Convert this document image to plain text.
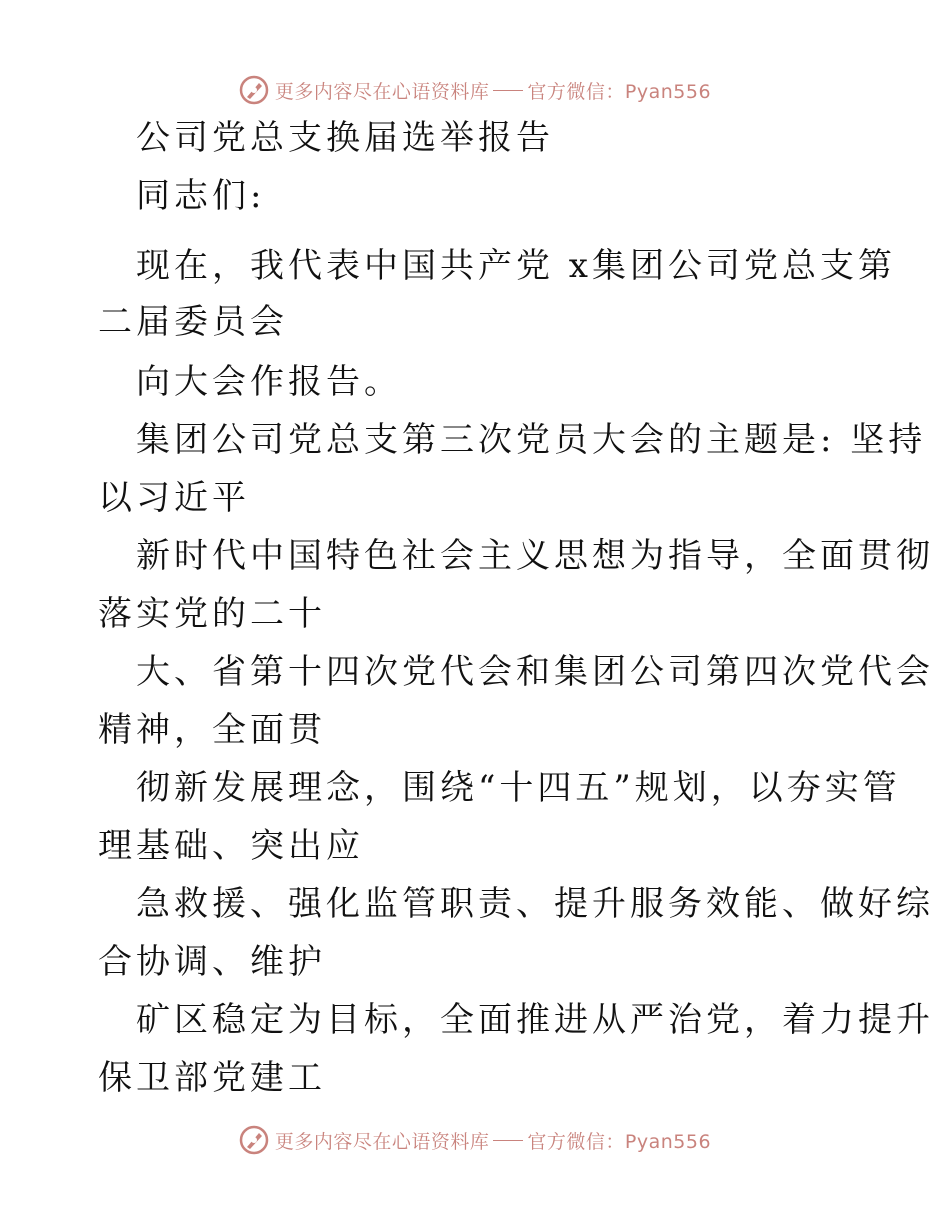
更多内容尽在心语资料库 官方微信：Pyan556
公司党总支换届选举报告
同志们:
现在，我代表中国共产党 x集团公司党总支第
二届委员会
向大会作报告。
集团公司党总支第三次党员大会的主题是: 坚持
以习近平
新时代中国特色社会主义思想为指导，全面贯彻
落实党的二十
大、省第十四次党代会和集团公司第四次党代会
精神，全面贯
彻新发展理念，围绕“十四五”规划，以夯实管
理基础、突出应
急救援、强化监管职责、提升服务效能、做好综
合协调、维护
矿区稳定为目标，全面推进从严治党，着力提升
保卫部党建工
更多内容尽在心语资料库 官方微信：Pyan556
